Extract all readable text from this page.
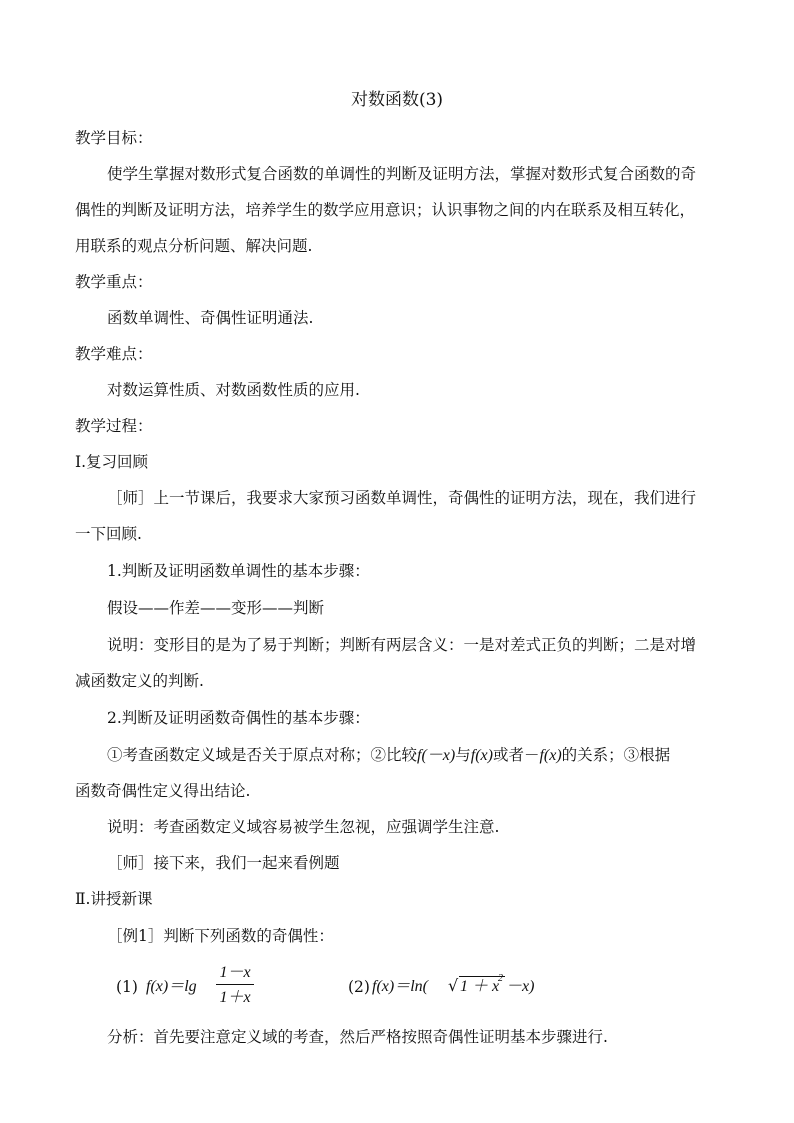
对数函数(3)
教学目标：
使学生掌握对数形式复合函数的单调性的判断及证明方法，掌握对数形式复合函数的奇
偶性的判断及证明方法，培养学生的数学应用意识；认识事物之间的内在联系及相互转化，
用联系的观点分析问题、解决问题.
教学重点：
函数单调性、奇偶性证明通法.
教学难点：
对数运算性质、对数函数性质的应用.
教学过程：
Ⅰ.复习回顾
［师］上一节课后，我要求大家预习函数单调性，奇偶性的证明方法，现在，我们进行
一下回顾.
1.判断及证明函数单调性的基本步骤：
假设——作差——变形——判断
说明：变形目的是为了易于判断；判断有两层含义：一是对差式正负的判断；二是对增
减函数定义的判断.
2.判断及证明函数奇偶性的基本步骤：
①考查函数定义域是否关于原点对称；②比较f(－x)与f(x)或者－f(x)的关系；③根据
函数奇偶性定义得出结论.
说明：考查函数定义域容易被学生忽视，应强调学生注意.
［师］接下来，我们一起来看例题
Ⅱ.讲授新课
［例1］判断下列函数的奇偶性：
(1) f(x)＝lg
1－x
1＋x
(2) f(x)＝ln( √ 1 ＋ x
2 －x)
分析：首先要注意定义域的考查，然后严格按照奇偶性证明基本步骤进行.
